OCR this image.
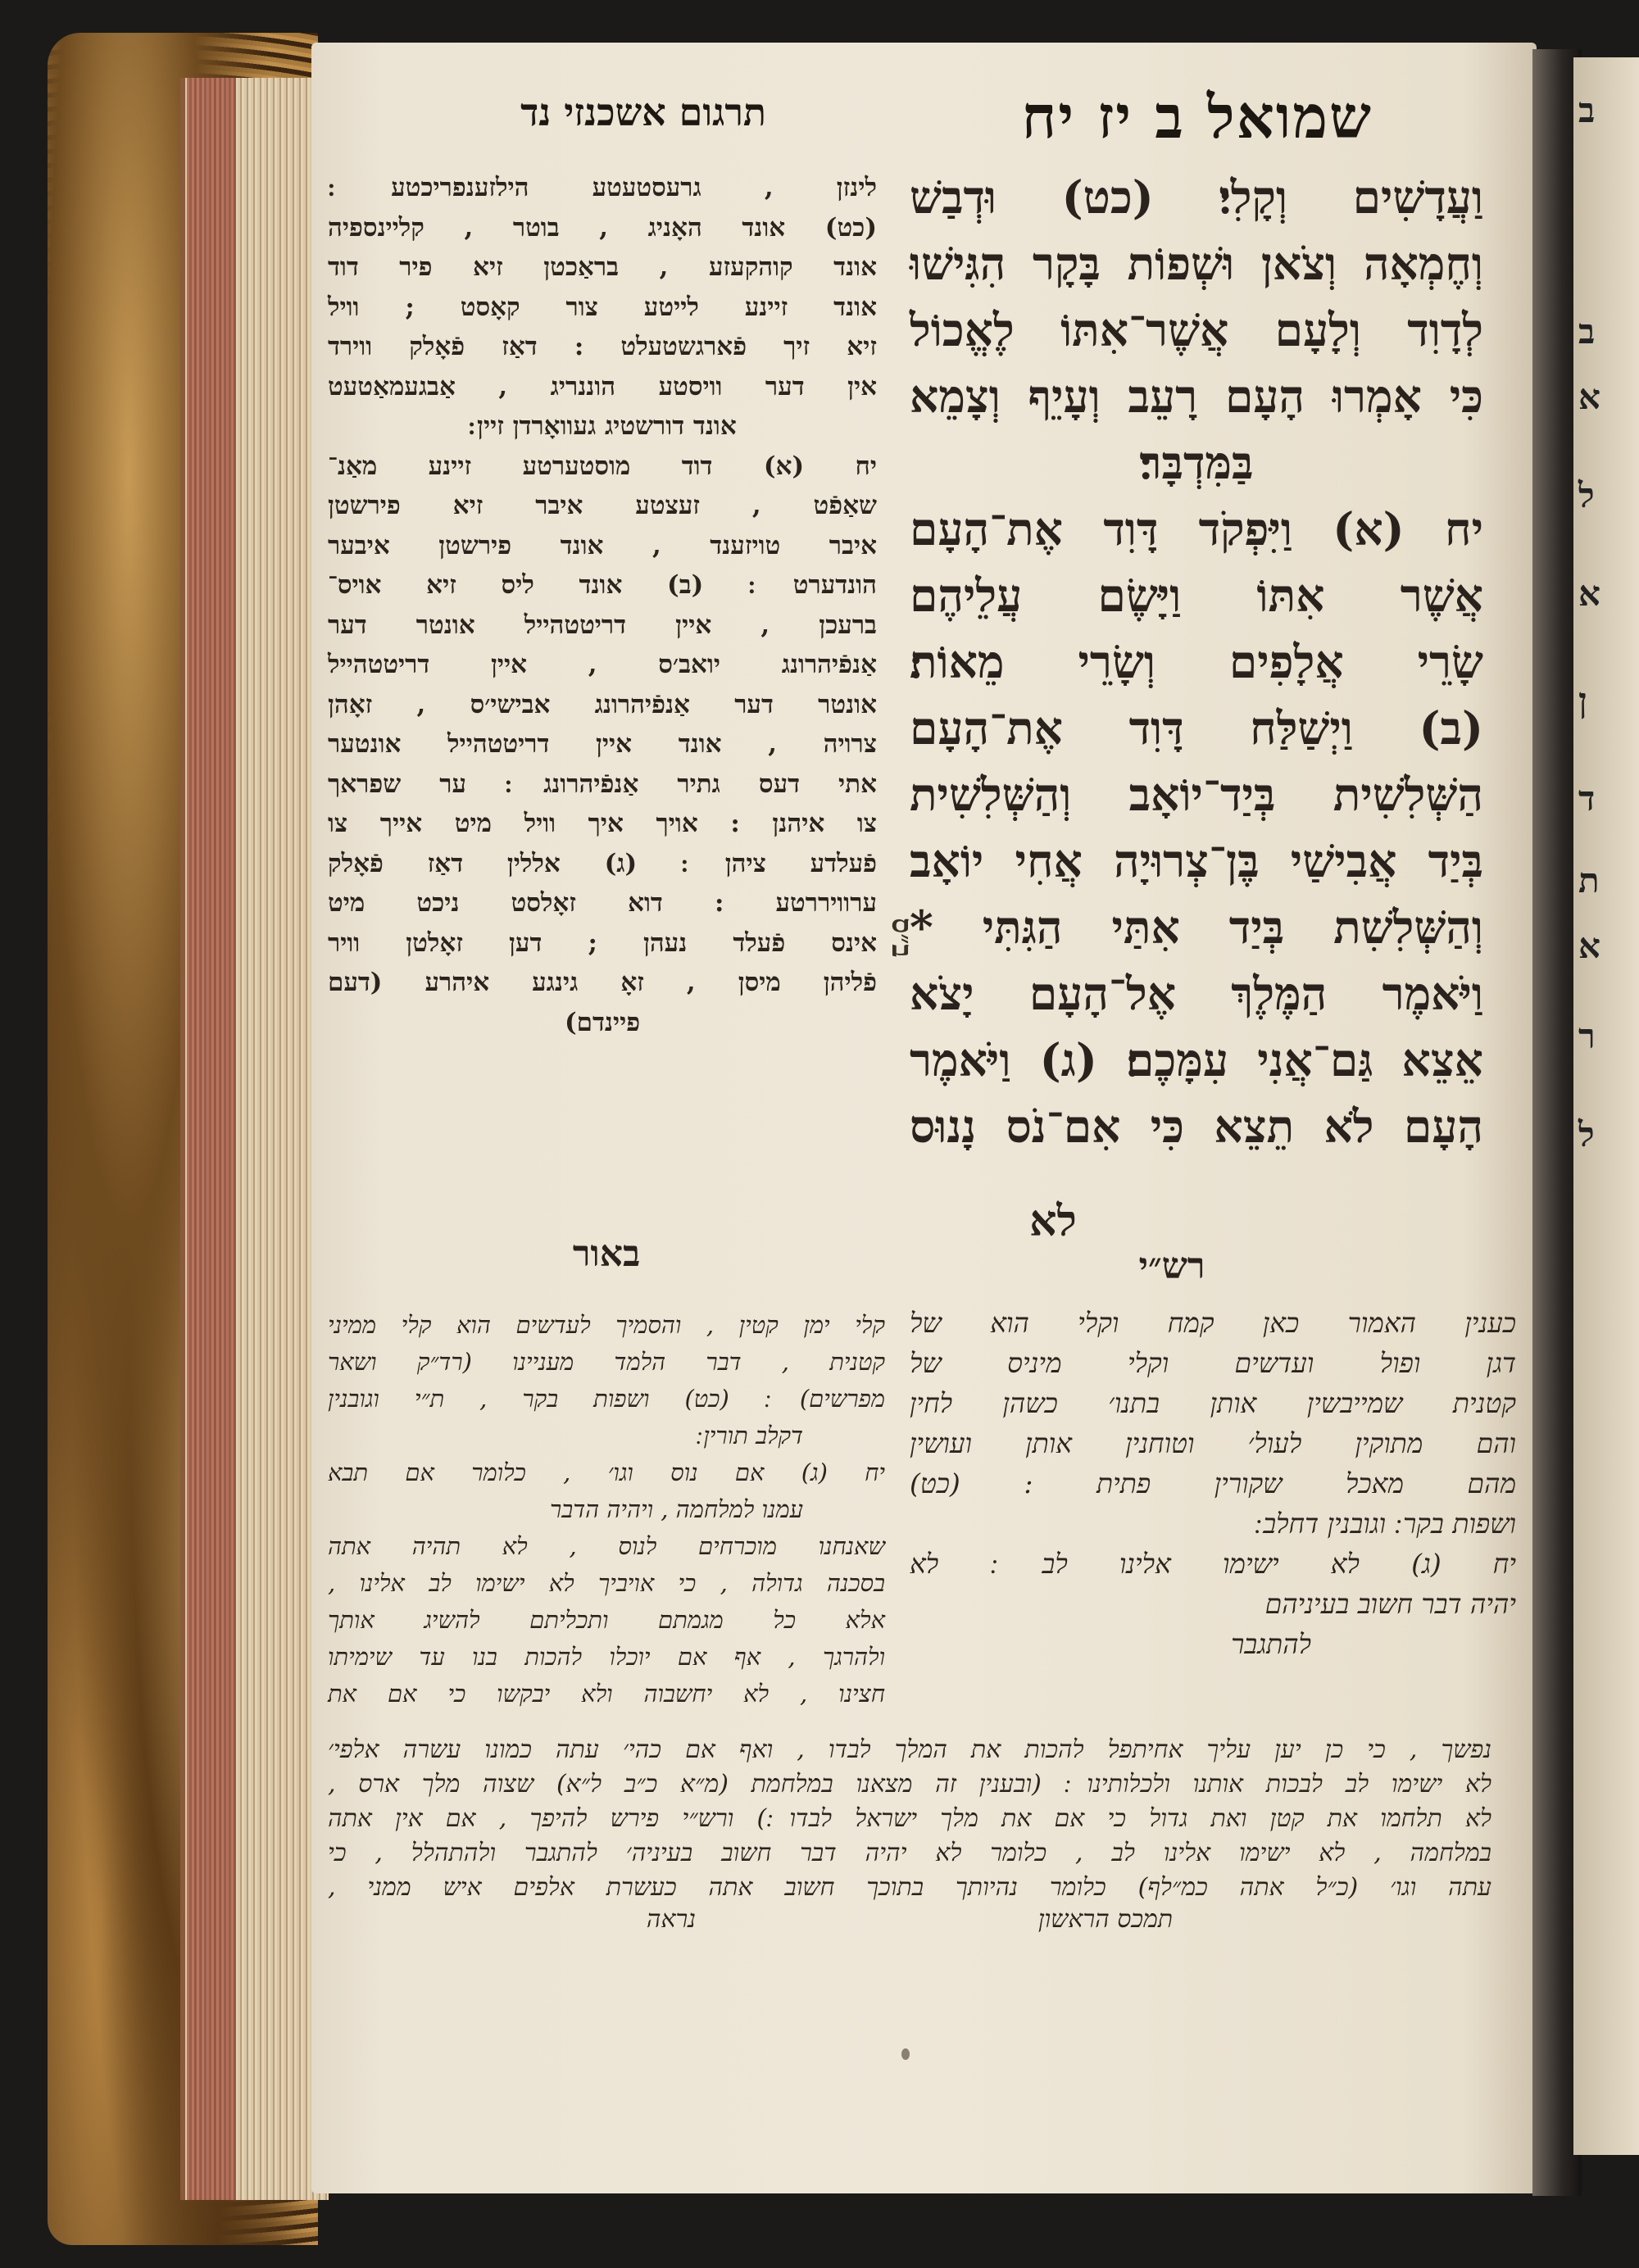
ב
ב
א
ל
א
ן
ד
ת
א
ר
ל
שמואל ב יז יח
תרגום אשכנזי נד
וַעֲדָשִׁים וְקָלִי׃ (כט) וּדְבַשׁ
וְחֶמְאָה וְצֹאן וּשְׁפוֹת בָּקָר הִגִּישׁוּ
לְדָוִד וְלָעָם אֲשֶׁר־אִתּוֹ לֶאֱכוֹל
כִּי אָמְרוּ הָעָם רָעֵב וְעָיֵף וְצָמֵא
בַּמִּדְבָּר׃
יח (א) וַיִּפְקֹד דָּוִד אֶת־הָעָם
אֲשֶׁר אִתּוֹ וַיָּשֶׂם עֲלֵיהֶם
שָׂרֵי אֲלָפִים וְשָׂרֵי מֵאוֹת׃
(ב) וַיְשַׁלַּח דָּוִד אֶת־הָעָם
הַשְּׁלִשִׁית בְּיַד־יוֹאָב וְהַשְּׁלִשִׁית
בְּיַד אֲבִישַׁי בֶּן־צְרוּיָה אֲחִי יוֹאָב
וְהַשְּׁלִשִׁת בְּיַד אִתַּי הַגִּתִּי *
וַיֹּאמֶר הַמֶּלֶךְ אֶל־הָעָם יָצֹא
אֵצֵא גַּם־אֲנִי עִמָּכֶם׃ (ג) וַיֹּאמֶר
הָעָם לֹא תֵצֵא כִּי אִם־נֹס נָנוּס
לא
לינזן , גרעסטעטע הילזענפריכטע ׃
(כט) אונד האָניג , בוטר , קליינספיה
אונד קוהקעזע , בראַכטן זיא פיר דוד
אונד זיינע לייטע צור קאָסט ; וויל
זיא זיך פֿארגשטעלט : דאַז פֿאָלק ווירד
אין דער וויסטע הוננריג , אַבגעמאַטעט
אונד דורשטיג געוואָרדן זיין ׃
יח (א) דוד מוסטערטע זיינע מאַנ־
שאַפֿט , זעצטע איבר זיא פירשטן
איבר טויזענד , אונד פירשטן איבער
הונדערט ׃ (ב) אונד ליס זיא אויס־
ברעכן , איין דריטטהייל אונטר דער
אַנפֿיהרונג יואב׳ס , איין דריטטהייל
אונטר דער אַנפֿיהרונג אבישי׳ס , זאָהן
צרויה , אונד איין דריטטהייל אונטער
אתי דעס גתיר אַנפֿיהרונג ׃ ער שפראך
צו איהנן : אויך איך וויל מיט אייך צו
פֿעלדע ציהן ׃ (ג) אללין דאַז פֿאָלק
ערוויררטע : דוא זאָלסט ניכט מיט
אינס פֿעלד נעהן ; דען זאָלטן וויר
פֿליהן מיסן , זאָ גינגע איהרע (דעם
פיינדם)
ב״ס
רש״י
באור
כענין האמור כאן קמח וקלי הוא של
דגן ופול ועדשים וקלי מיניס של
קטנית שמייבשין אותן בתנו׳ כשהן לחין
והם מתוקין לעול׳ וטוחנין אותן ועושין
מהם מאכל שקורין פתית : (כט)
ושפות בקר ׃ וגובנין דחלב ׃
יח (ג) לא ישימו אלינו לב ׃ לא
יהיה דבר חשוב בעיניהם
להתגבר
קלי ימן קטין , והסמיך לעדשים הוא קלי ממיני
קטנית , דבר הלמד מעניינו (רד״ק ושאר
מפרשים) ׃ (כט) ושפות בקר , ת״י וגובנין
דקלב תורין ׃
יח (ג) אם נוס וגו׳ , כלומר אם תבא
עמנו למלחמה , ויהיה הדבר
שאנחנו מוכרחים לנוס , לא תהיה אתה
בסכנה גדולה , כי אויביך לא ישימו לב אלינו ,
אלא כל מגמתם ותכליתם להשיג אותך
ולהרגך , אף אם יוכלו להכות בנו עד שימיתו
חצינו , לא יחשבוה ולא יבקשו כי אם את
נפשך , כי כן יען עליך אחיתפל להכות את המלך לבדו , ואף אם כהי׳ עתה כמונו עשרה אלפי׳
לא ישימו לב לבכות אותנו ולכלותינו ׃ (ובענין זה מצאנו במלחמת (מ״א כ״ב ל״א) שצוה מלך ארס ,
לא תלחמו את קטן ואת גדול כי אם את מלך ישראל לבדו ׃) ורש״י פירש להיפך , אם אין אתה
במלחמה , לא ישימו אלינו לב , כלומר לא יהיה דבר חשוב בעיניה׳ להתגבר ולהתהלל , כי
עתה וגו׳ (כ״ל אתה כמ״לף) כלומר נהיותך בתוכך חשוב אתה כעשרת אלפים איש ממני ,
תמכס הראשון
נראה
